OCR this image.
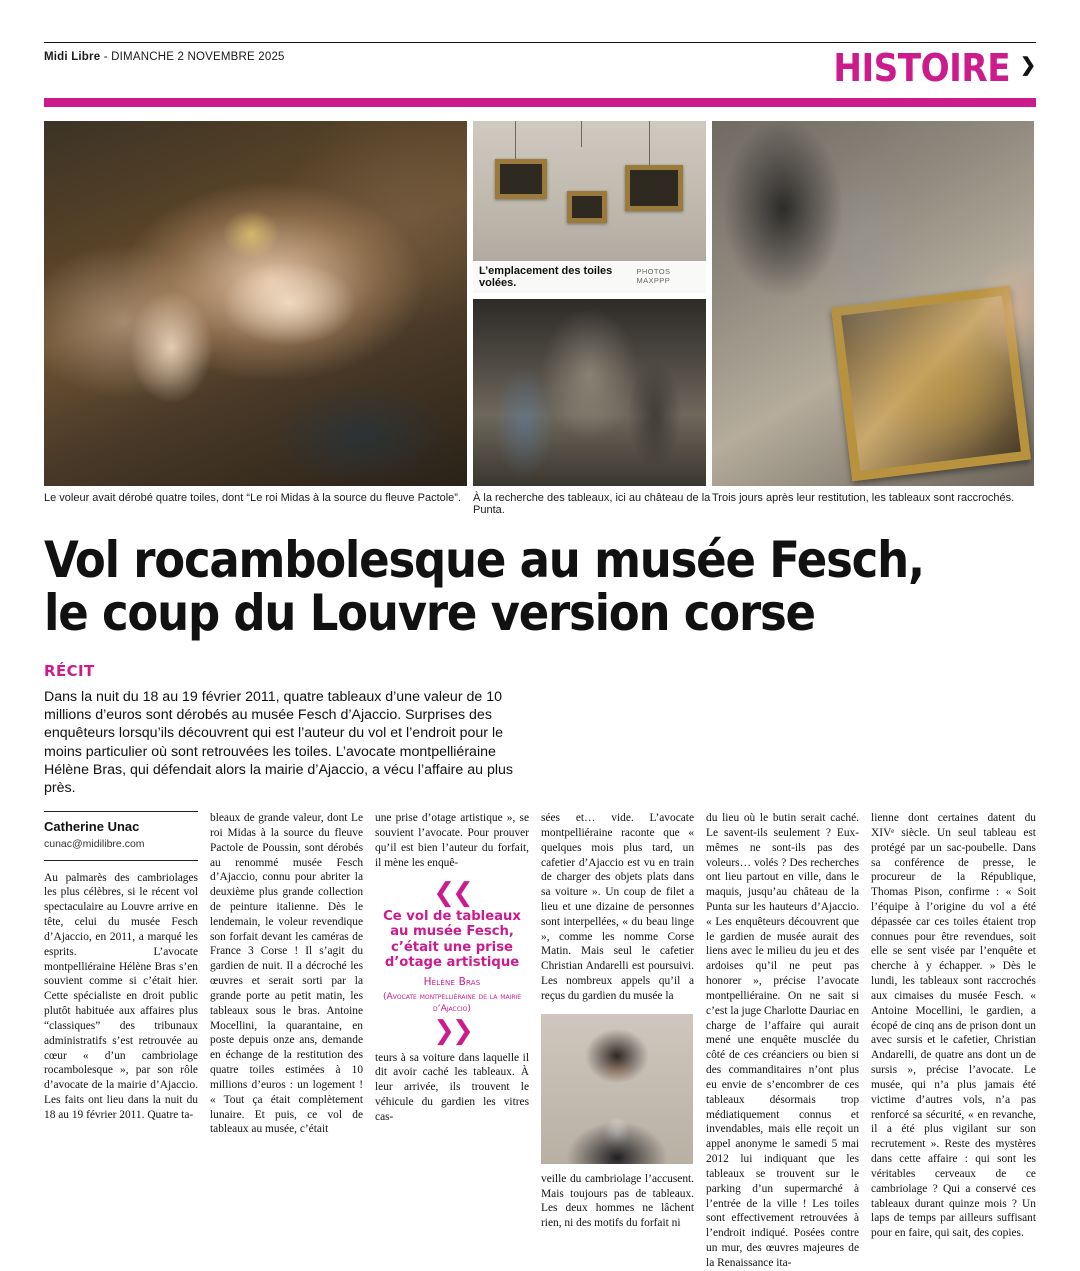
Midi Libre - DIMANCHE 2 NOVEMBRE 2025	HISTOIRE ❯
L’emplacement des toiles volées.
PHOTOS MAXPPP
Le voleur avait dérobé quatre toiles, dont “Le roi Midas à la source du fleuve Pactole”.	À la recherche des tableaux, ici au château de la Punta.
Trois jours après leur restitution, les tableaux sont raccrochés.
Vol rocambolesque au musée Fesch,
le coup du Louvre version corse
RÉCIT
Dans la nuit du 18 au 19 février 2011, quatre tableaux d’une valeur de 10 millions d’euros sont dérobés au musée Fesch d’Ajaccio. Surprises des enquêteurs lorsqu’ils découvrent qui est l’auteur du vol et l’endroit pour le moins particulier où sont retrouvées les toiles. L’avocate montpelliéraine Hélène Bras, qui défendait alors la mairie d’Ajaccio, a vécu l’affaire au plus près.
Catherine Unac
cunac@midilibre.com

Au palmarès des cambriolages les plus célèbres, si le récent vol spectaculaire au Louvre arrive en tête, celui du musée Fesch d’Ajaccio, en 2011, a marqué les esprits. L’avocate montpelliéraine Hélène Bras s’en souvient comme si c’était hier. Cette spécialiste en droit public plutôt habituée aux affaires plus “classiques” des tribunaux administratifs s’est retrouvée au cœur « d’un cambriolage rocambolesque », par son rôle d’avocate de la mairie d’Ajaccio. Les faits ont lieu dans la nuit du 18 au 19 février 2011. Quatre ta-

bleaux de grande valeur, dont Le roi Midas à la source du fleuve Pactole de Poussin, sont dérobés au renommé musée Fesch d’Ajaccio, connu pour abriter la deuxième plus grande collection de peinture italienne. Dès le lendemain, le voleur revendique son forfait devant les caméras de France 3 Corse ! Il s’agit du gardien de nuit. Il a décroché les œuvres et serait sorti par la grande porte au petit matin, les tableaux sous le bras. Antoine Mocellini, la quarantaine, en poste depuis onze ans, demande en échange de la restitution des quatre toiles estimées à 10 millions d’euros : un logement ! « Tout ça était complètement lunaire. Et puis, ce vol de tableaux au musée, c’était

une prise d’otage artistique », se souvient l’avocate. Pour prouver qu’il est bien l’auteur du forfait, il mène les enquê-

❮❮
Ce vol de tableaux au musée Fesch, c’était une prise d’otage artistique
Hélène Bras
(Avocate montpelliéraine de la mairie d’Ajaccio)
❯❯

teurs à sa voiture dans laquelle il dit avoir caché les tableaux. À leur arrivée, ils trouvent le véhicule du gardien les vitres cas-

sées et… vide. L’avocate montpelliéraine raconte que « quelques mois plus tard, un cafetier d’Ajaccio est vu en train de charger des objets plats dans sa voiture ». Un coup de filet a lieu et une dizaine de personnes sont interpellées, « du beau linge », comme les nomme Corse Matin. Mais seul le cafetier Christian Andarelli est poursuivi. Les nombreux appels qu’il a reçus du gardien du musée la

veille du cambriolage l’accusent. Mais toujours pas de tableaux. Les deux hommes ne lâchent rien, ni des motifs du forfait ni

du lieu où le butin serait caché. Le savent-ils seulement ? Eux-mêmes ne sont-ils pas des voleurs… volés ? Des recherches ont lieu partout en ville, dans le maquis, jusqu’au château de la Punta sur les hauteurs d’Ajaccio. « Les enquêteurs découvrent que le gardien de musée aurait des liens avec le milieu du jeu et des ardoises qu’il ne peut pas honorer », précise l’avocate montpelliéraine. On ne sait si c’est la juge Charlotte Dauriac en charge de l’affaire qui aurait mené une enquête musclée du côté de ces créanciers ou bien si des commanditaires n’ont plus eu envie de s’encombrer de ces tableaux désormais trop médiatiquement connus et invendables, mais elle reçoit un appel anonyme le samedi 5 mai 2012 lui indiquant que les tableaux se trouvent sur le parking d’un supermarché à l’entrée de la ville ! Les toiles sont effectivement retrouvées à l’endroit indiqué. Posées contre un mur, des œuvres majeures de la Renaissance ita-

lienne dont certaines datent du XIVᵉ siècle. Un seul tableau est protégé par un sac-poubelle. Dans sa conférence de presse, le procureur de la République, Thomas Pison, confirme : « Soit l’équipe à l’origine du vol a été dépassée car ces toiles étaient trop connues pour être revendues, soit elle se sent visée par l’enquête et cherche à y échapper. » Dès le lundi, les tableaux sont raccrochés aux cimaises du musée Fesch. « Antoine Mocellini, le gardien, a écopé de cinq ans de prison dont un avec sursis et le cafetier, Christian Andarelli, de quatre ans dont un de sursis », précise l’avocate. Le musée, qui n’a plus jamais été victime d’autres vols, n’a pas renforcé sa sécurité, « en revanche, il a été plus vigilant sur son recrutement ». Reste des mystères dans cette affaire : qui sont les véritables cerveaux de ce cambriolage ? Qui a conservé ces tableaux durant quinze mois ? Un laps de temps par ailleurs suffisant pour en faire, qui sait, des copies.
